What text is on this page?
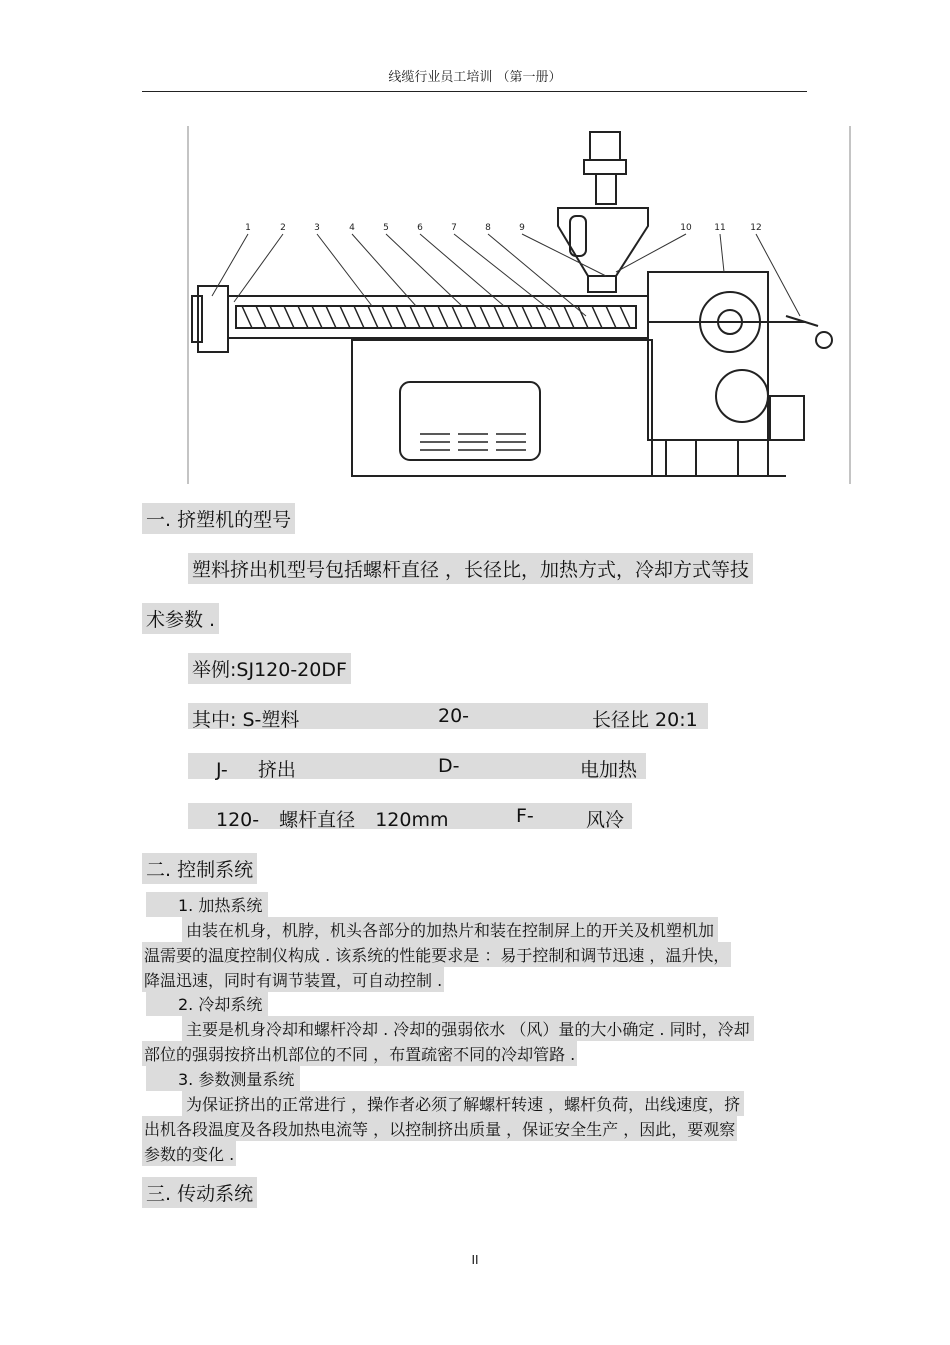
线缆行业员工培训 （第一册）
1	2	3	4	5	6	7	8	9	10	11	12
一. 挤塑机的型号
塑料挤出机型号包括螺杆直径 ，长径比，加热方式，冷却方式等技
术参数 .
举例:SJ120-20DF
其中: S-塑料	20-	长径比 20:1
J- 挤出	D-	电加热
120- 螺杆直径 120mm	F-	风冷
二. 控制系统
1. 加热系统
由装在机身，机脖，机头各部分的加热片和装在控制屏上的开关及机塑机加
温需要的温度控制仪构成 . 该系统的性能要求是 ：易于控制和调节迅速 ，温升快，
降温迅速，同时有调节装置，可自动控制 .
2. 冷却系统
主要是机身冷却和螺杆冷却 . 冷却的强弱依水 （风）量的大小确定 . 同时，冷却
部位的强弱按挤出机部位的不同 ，布置疏密不同的冷却管路 .
3. 参数测量系统
为保证挤出的正常进行 ，操作者必须了解螺杆转速 ，螺杆负荷，出线速度，挤
出机各段温度及各段加热电流等 ，以控制挤出质量 ，保证安全生产 ，因此，要观察
参数的变化 .
三. 传动系统
II
